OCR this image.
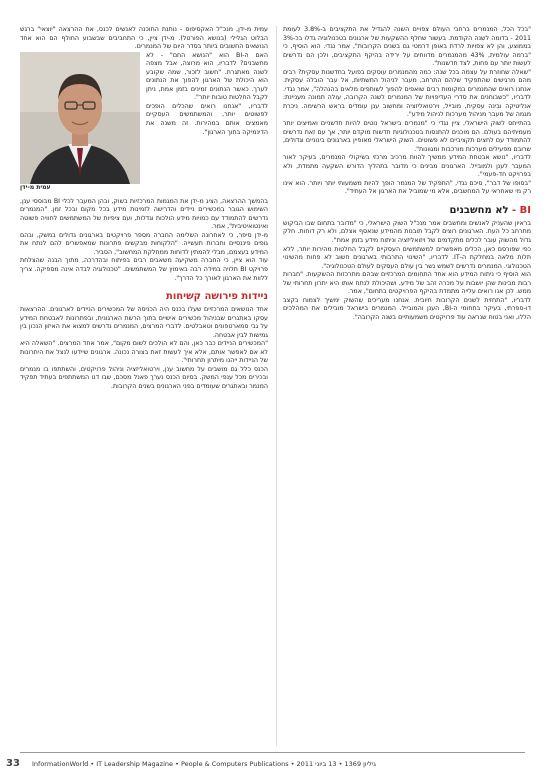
"בכל הכל, המנמרים ברחבי העולם צפויים השנה להגדיל את התקציבים ב-3.8% לעומת 2011 - בדומה לשנה הקודמת. בעשור שחלף ההשקעות של ארגונים בטכנולוגיה גדלו בכ-3% בממוצע, והן לא צפויות לרדת באופן דרמטי גם בשנים הקרובות", אמר נגדי. הוא הוסיף, כי "ברמה עולמית, 43% מהמנמרים מדווחים על ירידה בהיקף התקציבים, ולכן הם נדרשים לעשות יותר עם פחות, לצד חדשנות".

"שאלה שחוזרת על עצמה בכל שנה: כמה מהמנמרים עוסקים בפועל בחדשנות עסקית? רבים מהם מרגישים שהתפקיד שלהם התרחב, מעבר לניהול התשתיות, אל עבר הובלה עסקית. אנחנו רואים שהמנמרים במקומות רבים שואפים להפוך לשותפים מלאים בהנהלה", אמר נגדי. לדבריו, "כשבוחנים את סדרי העדיפויות של המנמרים לשנה הקרובה, עולה תמונה מעניינת: אנליטיקה ובינה עסקית, מובייל, וירטואליזציה ומחשוב ענן עומדים בראש הרשימה. ניכרת מגמה של מעבר מניהול מערכות לניהול מידע".

בהתייחס לשוק הישראלי, ציין נגדי כי "מנמרים בישראל נוטים להיות חדשניים ואמיצים יותר מעמיתיהם בעולם. הם מוכנים להתנסות בטכנולוגיות חדשות מוקדם יותר, אך עם זאת נדרשים להתמודד עם לחצים תקציביים לא פשוטים. השוק הישראלי מאופיין בארגונים בינוניים וגדולים, שרובם מפעילים מערכות מורכבות ומגוונות".

לדבריו, "נושא אבטחת המידע ממשיך להוות מרכיב מרכזי בשיקולי המנמרים, בעיקר לאור המעבר לענן ולמובייל. הארגונים מבינים כי מדובר בתהליך הדורש השקעה מתמדת, ולא בפרויקט חד-פעמי".

"בסופו של דבר", סיכם נגדי, "התפקיד של המנמר הופך להיות משמעותי יותר ויותר. הוא אינו רק מי שאחראי על המחשבים, אלא מי שמוביל את הארגון אל העתיד".

BI - לא מחשבנים

בראיון שהעניק לאנשים ומחשבים אמר מנכ"ל השוק הישראלי, כי "מדובר בתחום שבו הביקוש מתרחב כל העת. הארגונים רוצים לקבל תובנות מהמידע שנאסף אצלם, ולא רק דוחות. חלק גדול מהשוק עובר לכלים מתקדמים של ויזואליזציה וניתוח מידע בזמן אמת".

כפי שפורסם כאן, הכלים מאפשרים למשתמשים העסקיים לקבל החלטות מהירות יותר, ללא תלות מלאה במחלקת ה-IT. לדבריו, "השינוי התרבותי בארגונים חשוב לא פחות מהשינוי הטכנולוגי. המנמרים נדרשים לשמש גשר בין עולם העסקים לעולם הטכנולוגיה".

הוא הוסיף כי ניתוח המידע הוא אחד התחומים המרכזיים שבהם מתרכזות ההשקעות. "חברות רבות מבינות שהן יושבות על מכרה זהב של מידע, ושהיכולת לנתח אותו היא יתרון תחרותי של ממש. לכן אנו רואים עלייה מתמדת בהיקף הפרויקטים בתחום", אמר.

לדבריו, "התחזית לשנים הקרובות חיובית. אנחנו מעריכים שהשוק ימשיך לצמוח בקצב דו-ספרתי, בעיקר בתחומי ה-BI, הענן והמובייל. המנמרים בישראל מובילים את המהלכים הללו, ואני בטוח שנראה עוד פרויקטים משמעותיים בשנה הקרובה".

עמית מ-ידן, מנכ"ל האקסיפוס - נותנת התוכנה לאנשים לכנס, את ההרצאה "יוצאי" ברגש הבלוט הגלילי (בנושא הפורטל). מ-ידן ציין, כי התחביבים שבשבוע החולף הם הוא אחד הנושאים החשובים ביותר בסדר היום של המנמרים.

עמית מ-ידן

האם ה-BI הוא "הנושא החם" - לא מחשבנים? לדבריו, הוא מרוצה, אבל מצפה לשנה מאתגרת. "חשוב לזכור, שמה שקובע הוא היכולת של הארגון להפוך את הנתונים לערך. כאשר הנתונים זמינים בזמן אמת, ניתן לקבל החלטות טובות יותר".

לדבריו, "אנחנו רואים שהכלים הופכים לפשוטים יותר, והמשתמשים העסקיים מאמצים אותם במהירות. זה משנה את הדינמיקה בתוך הארגון".

בהמשך ההרצאה, הציג מ-ידן את המגמות המרכזיות בשוק, ובהן המעבר לכלי BI מבוססי ענן, השימוש הגובר במכשירים ניידים והדרישה לזמינות מידע בכל מקום ובכל זמן. "המנמרים נדרשים להתמודד עם כמויות מידע הולכות וגדלות, ועם ציפיות של המשתמשים לחוויה פשוטה ואינטואיטיבית", אמר.

מ-ידן סיפר, כי לאחרונה השלימה החברה מספר פרויקטים בארגונים גדולים במשק, ובהם גופים פיננסיים וחברות תעשייה. "הלקוחות מבקשים פתרונות שמאפשרים להם לנתח את המידע בעצמם, מבלי להמתין לדוחות ממחלקת המחשוב", הסביר.

עוד הוא ציין, כי החברה משקיעה משאבים רבים בפיתוח ובהדרכה, מתוך הבנה שהצלחת פרויקט BI תלויה במידה רבה באימוץ של המשתמשים. "טכנולוגיה לבדה אינה מספיקה. צריך ללוות את הארגון לאורך כל הדרך".

ניידות פירושה קשיחות

אחד הנושאים המרכזיים שעלו בכנס היה הכניסה של המכשירים הניידים לארגונים. ההרצאות עסקו באתגרים שבניהול מכשירים אישיים בתוך הרשת הארגונית, ובפתרונות לאבטחת המידע על גבי סמארטפונים וטאבלטים. לדברי המרצים, המנמרים נדרשים למצוא את האיזון הנכון בין גמישות לבין אבטחה.

"המכשירים הניידים כבר כאן, והם לא הולכים לשום מקום", אמר אחד המרצים. "השאלה היא לא אם לאפשר אותם, אלא איך לעשות זאת בצורה נכונה. ארגונים שיידעו לנצל את היתרונות של הניידות ייהנו מיתרון תחרותי".

הכנס כלל גם מושבים על מחשוב ענן, וירטואליזציה וניהול פרויקטים, והשתתפו בו מנמרים ובכירים מכל ענפי המשק. בסיום הכנס נערך פאנל מסכם, שבו דנו המשתתפים בעתיד תפקיד המנמר ובאתגרים שעומדים בפני הארגונים בשנים הקרובות.

33 InformationWorld • IT Leadership Magazine • People & Computers Publications • 2011 גיליון 1369 • 13 ביוני
